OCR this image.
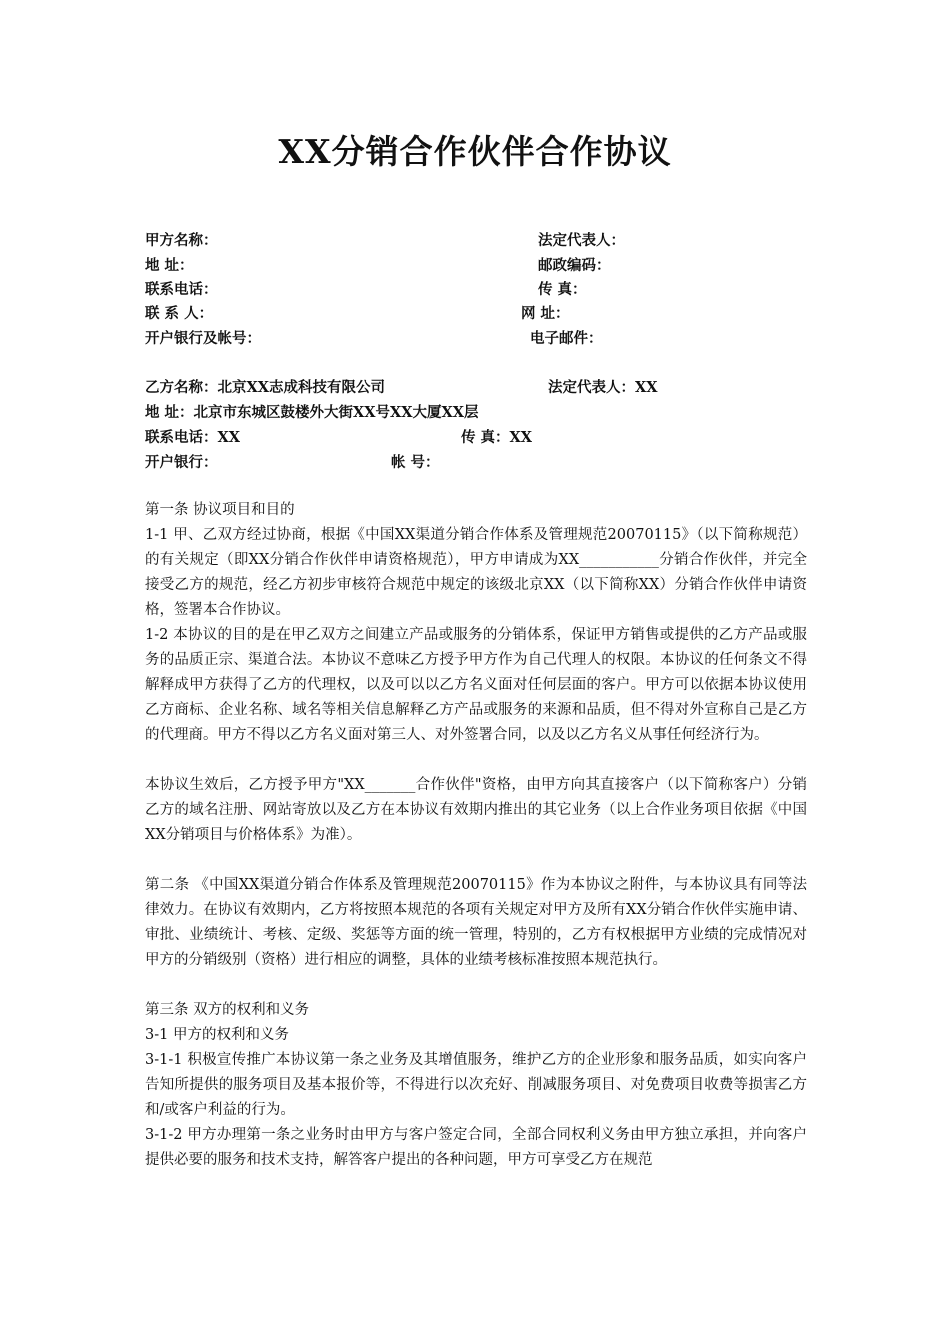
XX分销合作伙伴合作协议
甲方名称：	法定代表人：
地 址：	邮政编码：
联系电话：	传 真：
联 系 人：	网 址：
开户银行及帐号：	电子邮件：
乙方名称：北京XX志成科技有限公司	法定代表人：XX
地 址：北京市东城区鼓楼外大街XX号XX大厦XX层
联系电话：XX	传 真：XX
开户银行：	帐 号：

第一条 协议项目和目的

1-1 甲、乙双方经过协商，根据《中国XX渠道分销合作体系及管理规范20070115》（以下简称规范）的有关规定（即XX分销合作伙伴申请资格规范），甲方申请成为XX___________分销合作伙伴，并完全接受乙方的规范，经乙方初步审核符合规范中规定的该级北京XX（以下简称XX）分销合作伙伴申请资格，签署本合作协议。

1-2 本协议的目的是在甲乙双方之间建立产品或服务的分销体系，保证甲方销售或提供的乙方产品或服务的品质正宗、渠道合法。本协议不意味乙方授予甲方作为自己代理人的权限。本协议的任何条文不得解释成甲方获得了乙方的代理权，以及可以以乙方名义面对任何层面的客户。甲方可以依据本协议使用乙方商标、企业名称、域名等相关信息解释乙方产品或服务的来源和品质，但不得对外宣称自己是乙方的代理商。甲方不得以乙方名义面对第三人、对外签署合同，以及以乙方名义从事任何经济行为。

本协议生效后，乙方授予甲方"XX_______合作伙伴"资格，由甲方向其直接客户（以下简称客户）分销乙方的域名注册、网站寄放以及乙方在本协议有效期内推出的其它业务（以上合作业务项目依据《中国XX分销项目与价格体系》为准）。

第二条 《中国XX渠道分销合作体系及管理规范20070115》作为本协议之附件，与本协议具有同等法律效力。在协议有效期内，乙方将按照本规范的各项有关规定对甲方及所有XX分销合作伙伴实施申请、审批、业绩统计、考核、定级、奖惩等方面的统一管理，特别的，乙方有权根据甲方业绩的完成情况对甲方的分销级别（资格）进行相应的调整，具体的业绩考核标准按照本规范执行。

第三条 双方的权利和义务

3-1 甲方的权利和义务

3-1-1 积极宣传推广本协议第一条之业务及其增值服务，维护乙方的企业形象和服务品质，如实向客户告知所提供的服务项目及基本报价等，不得进行以次充好、削减服务项目、对免费项目收费等损害乙方和/或客户利益的行为。

3-1-2 甲方办理第一条之业务时由甲方与客户签定合同，全部合同权利义务由甲方独立承担，并向客户提供必要的服务和技术支持，解答客户提出的各种问题，甲方可享受乙方在规范
